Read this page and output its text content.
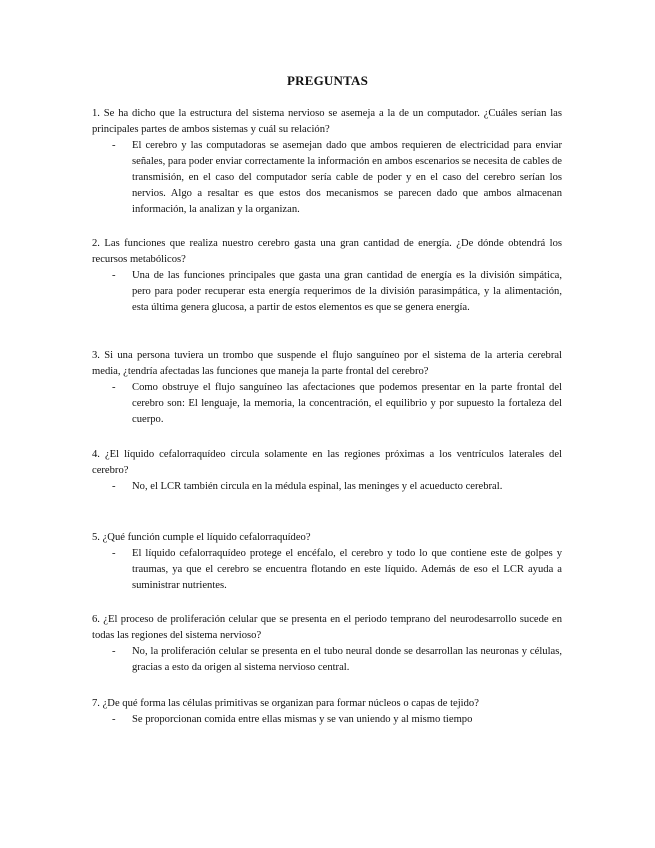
PREGUNTAS
1. Se ha dicho que la estructura del sistema nervioso se asemeja a la de un computador. ¿Cuáles serían las principales partes de ambos sistemas y cuál su relación?
- El cerebro y las computadoras se asemejan dado que ambos requieren de electricidad para enviar señales, para poder enviar correctamente la información en ambos escenarios se necesita de cables de transmisión, en el caso del computador sería cable de poder y en el caso del cerebro serían los nervios. Algo a resaltar es que estos dos mecanismos se parecen dado que ambos almacenan información, la analizan y la organizan.
2. Las funciones que realiza nuestro cerebro gasta una gran cantidad de energía. ¿De dónde obtendrá los recursos metabólicos?
- Una de las funciones principales que gasta una gran cantidad de energía es la división simpática, pero para poder recuperar esta energía requerimos de la división parasimpática, y la alimentación, esta última genera glucosa, a partir de estos elementos es que se genera energía.
3. Si una persona tuviera un trombo que suspende el flujo sanguíneo por el sistema de la arteria cerebral media, ¿tendría afectadas las funciones que maneja la parte frontal del cerebro?
- Como obstruye el flujo sanguíneo las afectaciones que podemos presentar en la parte frontal del cerebro son: El lenguaje, la memoria, la concentración, el equilibrio y por supuesto la fortaleza del cuerpo.
4. ¿El líquido cefalorraquídeo circula solamente en las regiones próximas a los ventrículos laterales del cerebro?
- No, el LCR también circula en la médula espinal, las meninges y el acueducto cerebral.
5. ¿Qué función cumple el líquido cefalorraquídeo?
- El líquido cefalorraquídeo protege el encéfalo, el cerebro y todo lo que contiene este de golpes y traumas, ya que el cerebro se encuentra flotando en este líquido. Además de eso el LCR ayuda a suministrar nutrientes.
6. ¿El proceso de proliferación celular que se presenta en el periodo temprano del neurodesarrollo sucede en todas las regiones del sistema nervioso?
- No, la proliferación celular se presenta en el tubo neural donde se desarrollan las neuronas y células, gracias a esto da origen al sistema nervioso central.
7. ¿De qué forma las células primitivas se organizan para formar núcleos o capas de tejido?
- Se proporcionan comida entre ellas mismas y se van uniendo y al mismo tiempo
